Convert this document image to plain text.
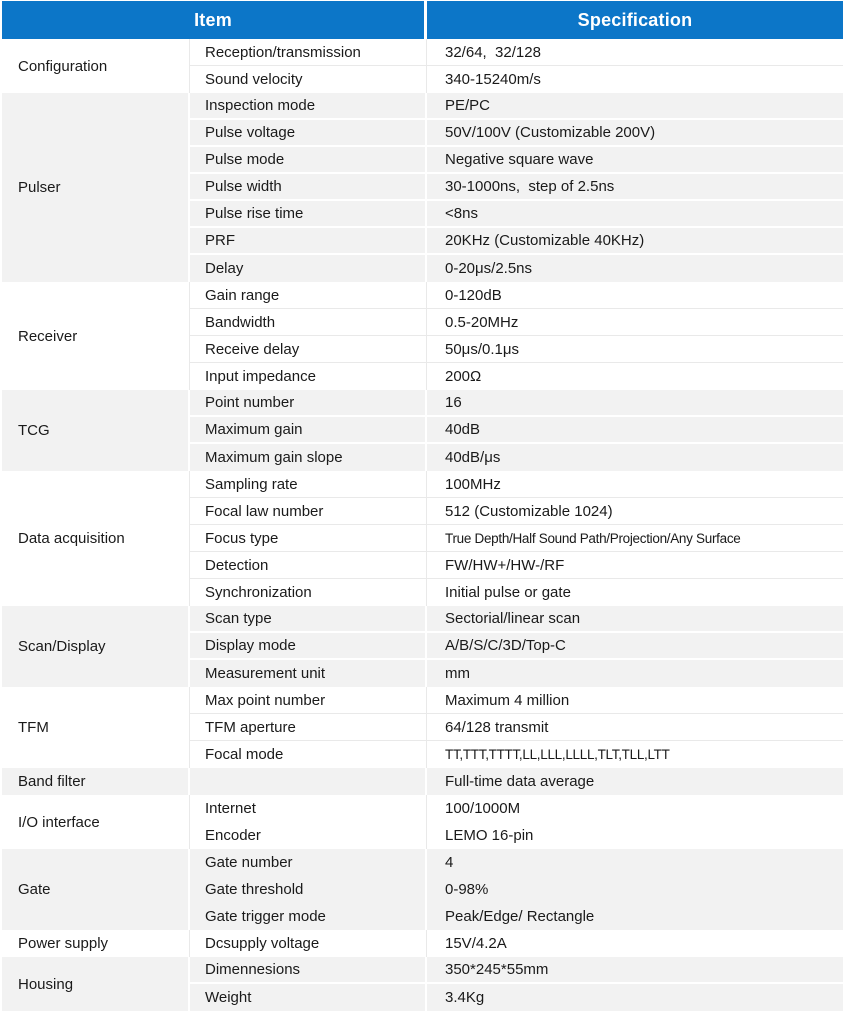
Item		Specification
Configuration	Reception/transmission	32/64,  32/128
	Sound velocity	340-15240m/s
Pulser	Inspection mode	PE/PC
	Pulse voltage	50V/100V (Customizable 200V)
	Pulse mode	Negative square wave
	Pulse width	30-1000ns,  step of 2.5ns
	Pulse rise time	<8ns
	PRF	20KHz (Customizable 40KHz)
	Delay	0-20μs/2.5ns
Receiver	Gain range	0-120dB
	Bandwidth	0.5-20MHz
	Receive delay	50μs/0.1μs
	Input impedance	200Ω
TCG	Point number	16
	Maximum gain	40dB
	Maximum gain slope	40dB/μs
Data acquisition	Sampling rate	100MHz
	Focal law number	512 (Customizable 1024)
	Focus type	True Depth/Half Sound Path/Projection/Any Surface
	Detection	FW/HW+/HW-/RF
	Synchronization	Initial pulse or gate
Scan/Display	Scan type	Sectorial/linear scan
	Display mode	A/B/S/C/3D/Top-C
	Measurement unit	mm
TFM	Max point number	Maximum 4 million
	TFM aperture	64/128 transmit
	Focal mode	TT,TTT,TTTT,LL,LLL,LLLL,TLT,TLL,LTT
Band filter		Full-time data average
I/O interface	Internet	100/1000M
	Encoder	LEMO 16-pin
Gate	Gate number	4
	Gate threshold	0-98%
	Gate trigger mode	Peak/Edge/ Rectangle
Power supply	Dcsupply voltage	15V/4.2A
Housing	Dimennesions	350*245*55mm
	Weight	3.4Kg
